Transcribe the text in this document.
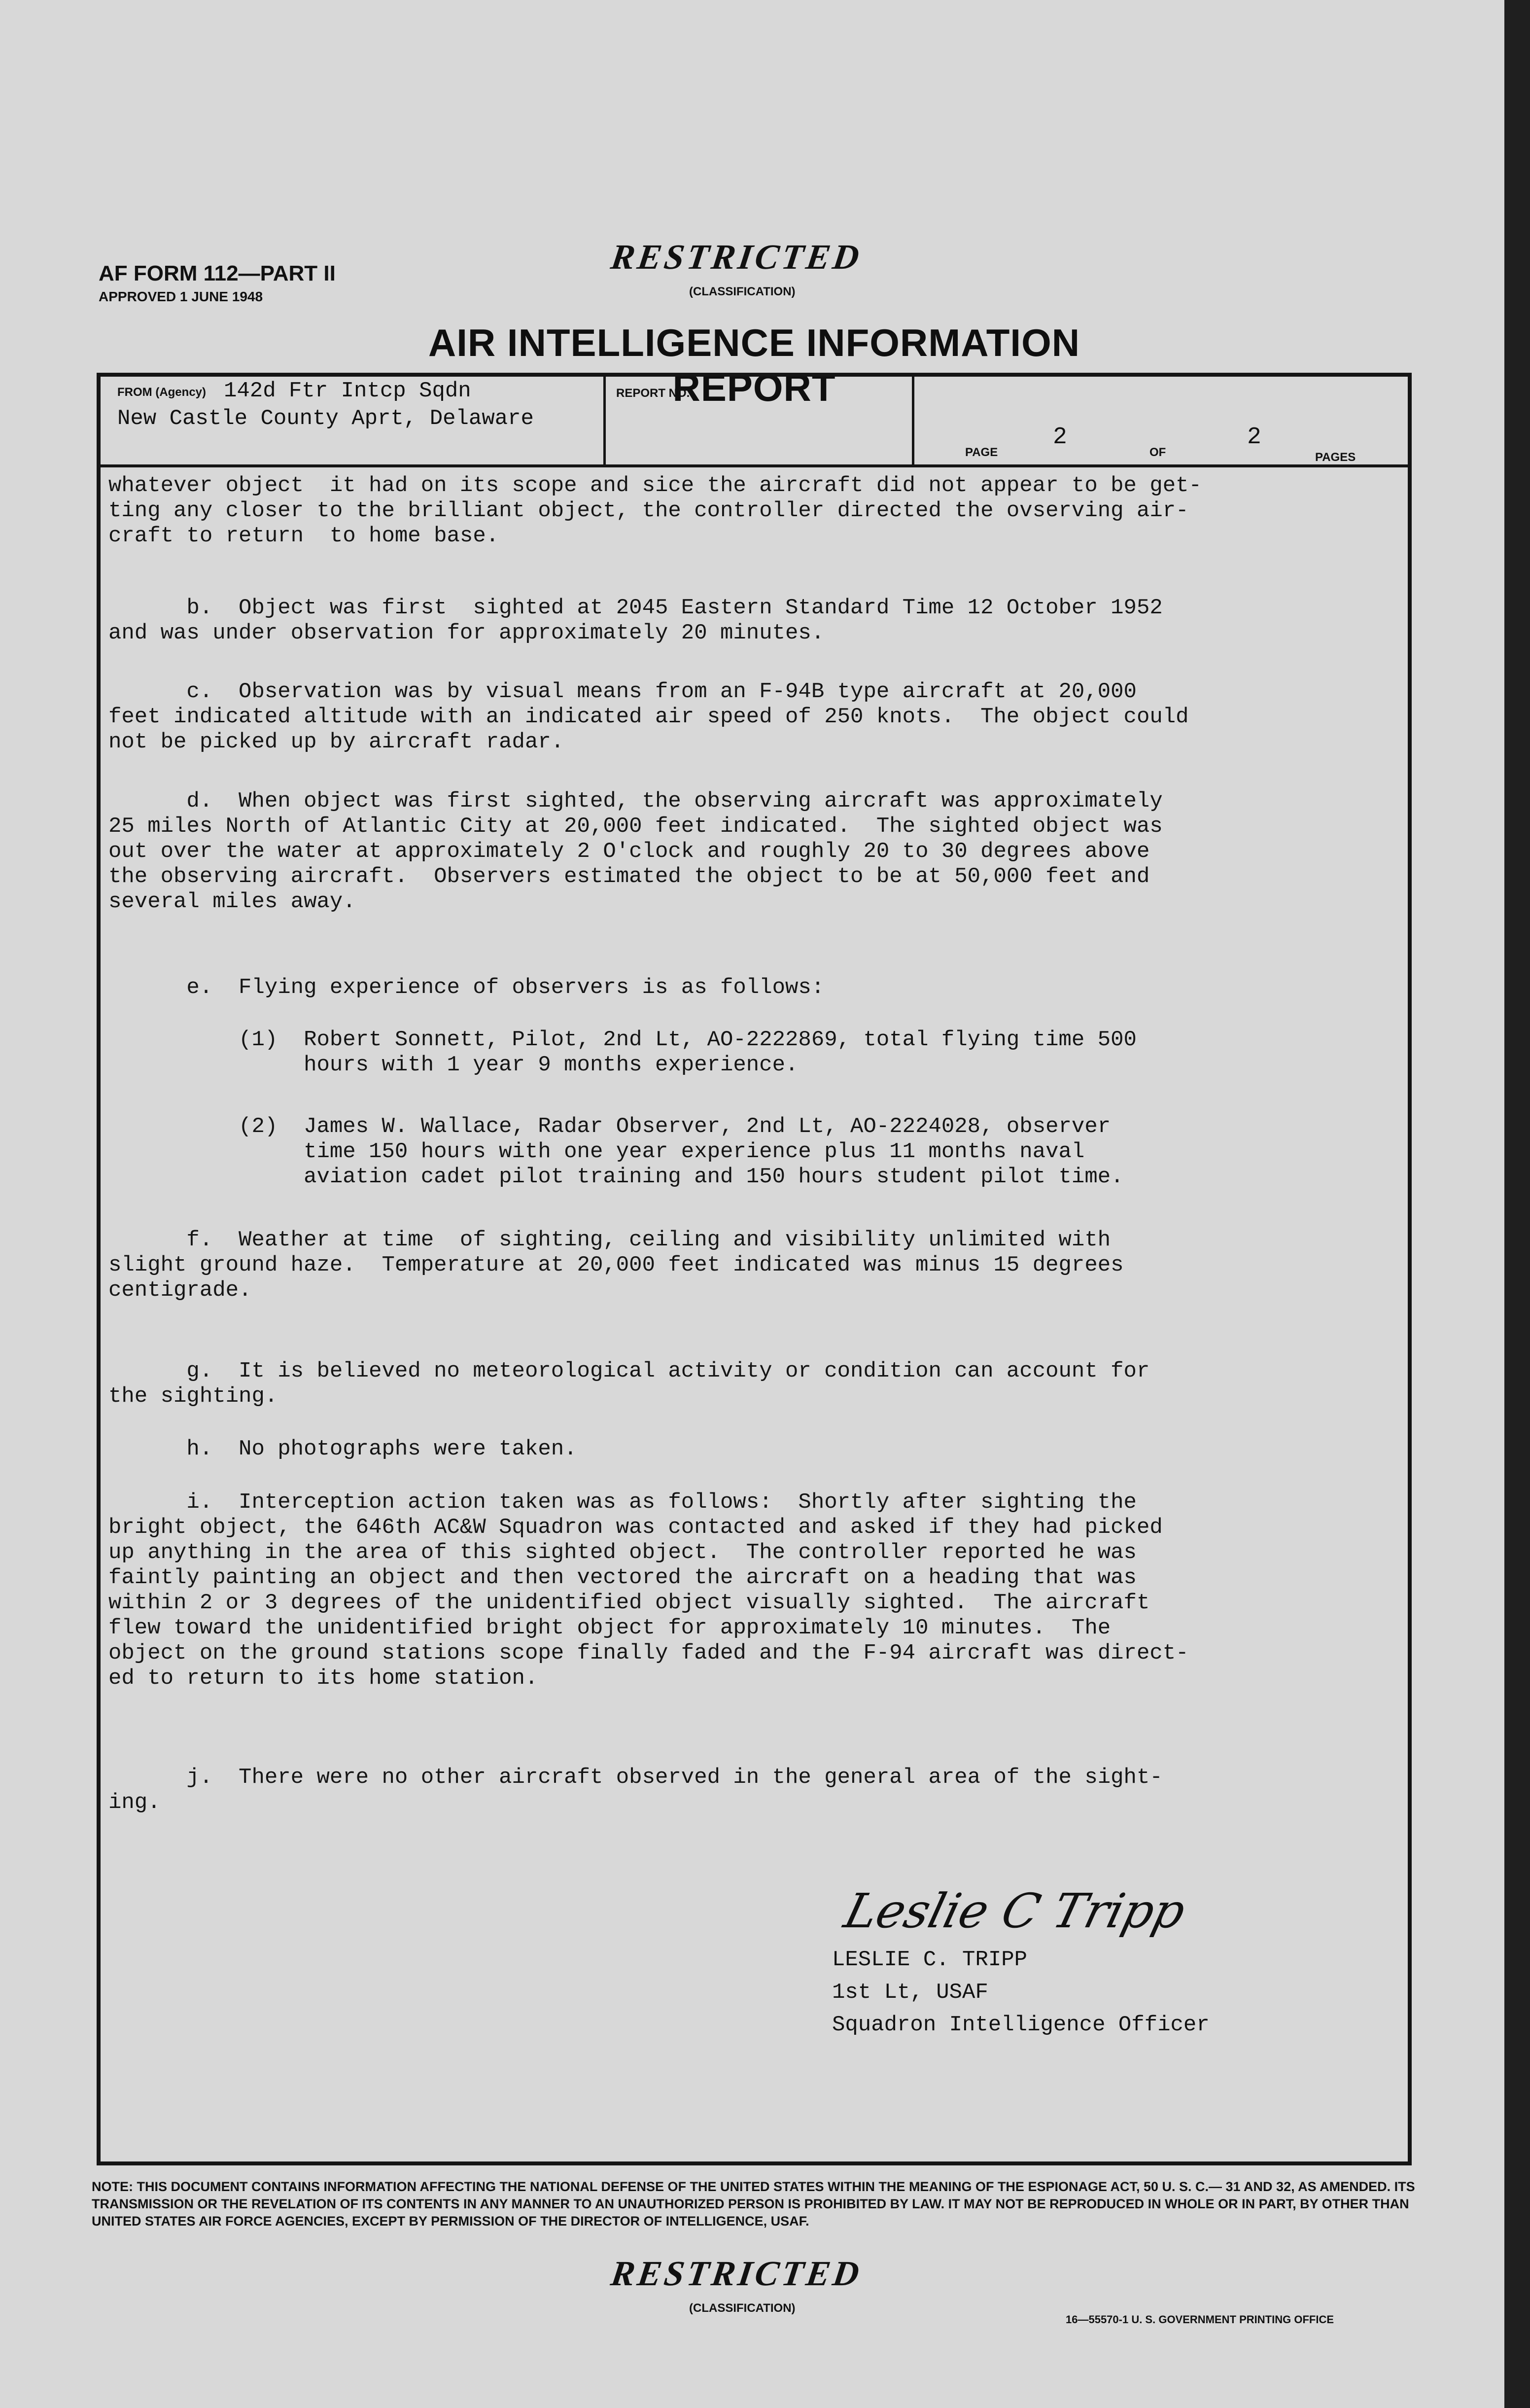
AF FORM 112—PART II
APPROVED 1 JUNE 1948
RESTRICTED
(CLASSIFICATION)
AIR INTELLIGENCE INFORMATION REPORT
FROM (Agency) 142d Ftr Intcp Sqdn
New Castle County Aprt, Delaware
REPORT NO.
PAGE
2
OF
2
PAGES
whatever object  it had on its scope and sice the aircraft did not appear to be get-
ting any closer to the brilliant object, the controller directed the ovserving air-
craft to return  to home base.
b.  Object was first  sighted at 2045 Eastern Standard Time 12 October 1952
and was under observation for approximately 20 minutes.
c.  Observation was by visual means from an F-94B type aircraft at 20,000
feet indicated altitude with an indicated air speed of 250 knots.  The object could
not be picked up by aircraft radar.
d.  When object was first sighted, the observing aircraft was approximately
25 miles North of Atlantic City at 20,000 feet indicated.  The sighted object was
out over the water at approximately 2 O'clock and roughly 20 to 30 degrees above
the observing aircraft.  Observers estimated the object to be at 50,000 feet and
several miles away.
e.  Flying experience of observers is as follows:
(1)  Robert Sonnett, Pilot, 2nd Lt, AO-2222869, total flying time 500
hours with 1 year 9 months experience.
(2)  James W. Wallace, Radar Observer, 2nd Lt, AO-2224028, observer
time 150 hours with one year experience plus 11 months naval
aviation cadet pilot training and 150 hours student pilot time.
f.  Weather at time  of sighting, ceiling and visibility unlimited with
slight ground haze.  Temperature at 20,000 feet indicated was minus 15 degrees
centigrade.
g.  It is believed no meteorological activity or condition can account for
the sighting.
h.  No photographs were taken.
i.  Interception action taken was as follows:  Shortly after sighting the
bright object, the 646th AC&W Squadron was contacted and asked if they had picked
up anything in the area of this sighted object.  The controller reported he was
faintly painting an object and then vectored the aircraft on a heading that was
within 2 or 3 degrees of the unidentified object visually sighted.  The aircraft
flew toward the unidentified bright object for approximately 10 minutes.  The
object on the ground stations scope finally faded and the F-94 aircraft was direct-
ed to return to its home station.
j.  There were no other aircraft observed in the general area of the sight-
ing.
Leslie C Tripp
LESLIE C. TRIPP
1st Lt, USAF
Squadron Intelligence Officer
NOTE: THIS DOCUMENT CONTAINS INFORMATION AFFECTING THE NATIONAL DEFENSE OF THE UNITED STATES WITHIN THE MEANING OF THE ESPIONAGE ACT, 50 U. S. C.— 31 AND 32, AS AMENDED. ITS TRANSMISSION OR THE REVELATION OF ITS CONTENTS IN ANY MANNER TO AN UNAUTHORIZED PERSON IS PROHIBITED BY LAW. IT MAY NOT BE REPRODUCED IN WHOLE OR IN PART, BY OTHER THAN UNITED STATES AIR FORCE AGENCIES, EXCEPT BY PERMISSION OF THE DIRECTOR OF INTELLIGENCE, USAF.
RESTRICTED
(CLASSIFICATION)
16—55570-1 U. S. GOVERNMENT PRINTING OFFICE
